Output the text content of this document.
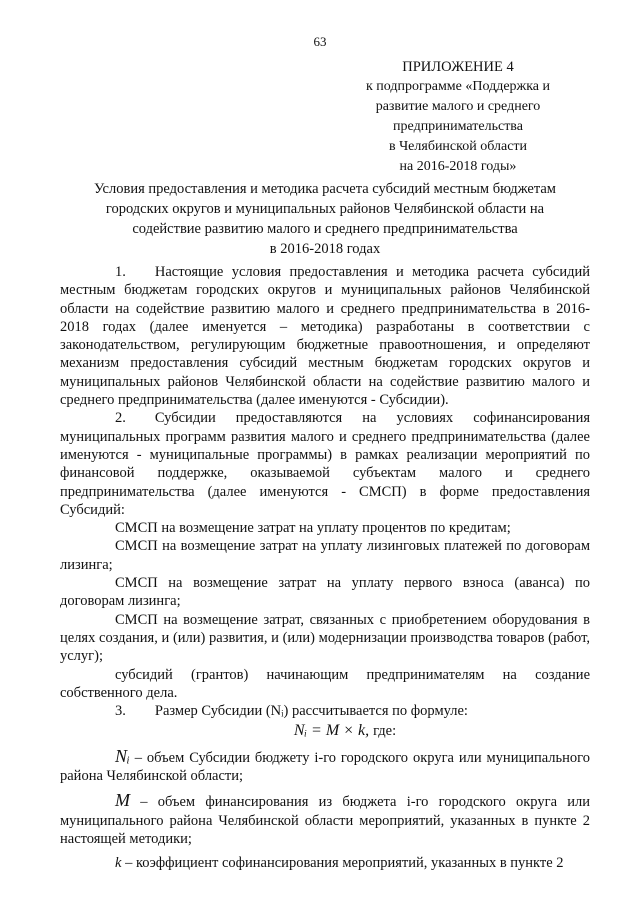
63
ПРИЛОЖЕНИЕ 4
к подпрограмме «Поддержка и
развитие малого и среднего
предпринимательства
в Челябинской области
на 2016-2018 годы»
Условия предоставления и методика расчета субсидий местным бюджетам
городских округов и муниципальных районов Челябинской области на
содействие развитию малого и среднего предпринимательства
в 2016-2018 годах

1.  Настоящие условия предоставления и методика расчета субсидий местным бюджетам городских округов и муниципальных районов Челябинской области на содействие развитию малого и среднего предпринимательства в 2016-2018 годах (далее именуется – методика) разработаны в соответствии с законодательством, регулирующим бюджетные правоотношения, и определяют механизм предоставления субсидий местным бюджетам городских округов и муниципальных районов Челябинской области на содействие развитию малого и среднего предпринимательства (далее именуются - Субсидии).

2.  Субсидии предоставляются на условиях софинансирования муниципальных программ развития малого и среднего предпринимательства (далее именуются - муниципальные программы) в рамках реализации мероприятий по финансовой поддержке, оказываемой субъектам малого и среднего предпринимательства (далее именуются - СМСП) в форме предоставления Субсидий:

СМСП на возмещение затрат на уплату процентов по кредитам;

СМСП на возмещение затрат на уплату лизинговых платежей по договорам лизинга;

СМСП на возмещение затрат на уплату первого взноса (аванса) по договорам лизинга;

СМСП на возмещение затрат, связанных с приобретением оборудования в целях создания, и (или) развития, и (или) модернизации производства товаров (работ, услуг);

субсидий (грантов) начинающим предпринимателям на создание собственного дела.

3.  Размер Субсидии (Nᵢ) рассчитывается по формуле:

Nᵢ = M × k, где:

Nᵢ – объем Субсидии бюджету i-го городского округа или муниципального района Челябинской области;

M – объем финансирования из бюджета i-го городского округа или муниципального района Челябинской области мероприятий, указанных в пункте 2 настоящей методики;

k – коэффициент софинансирования мероприятий, указанных в пункте 2
